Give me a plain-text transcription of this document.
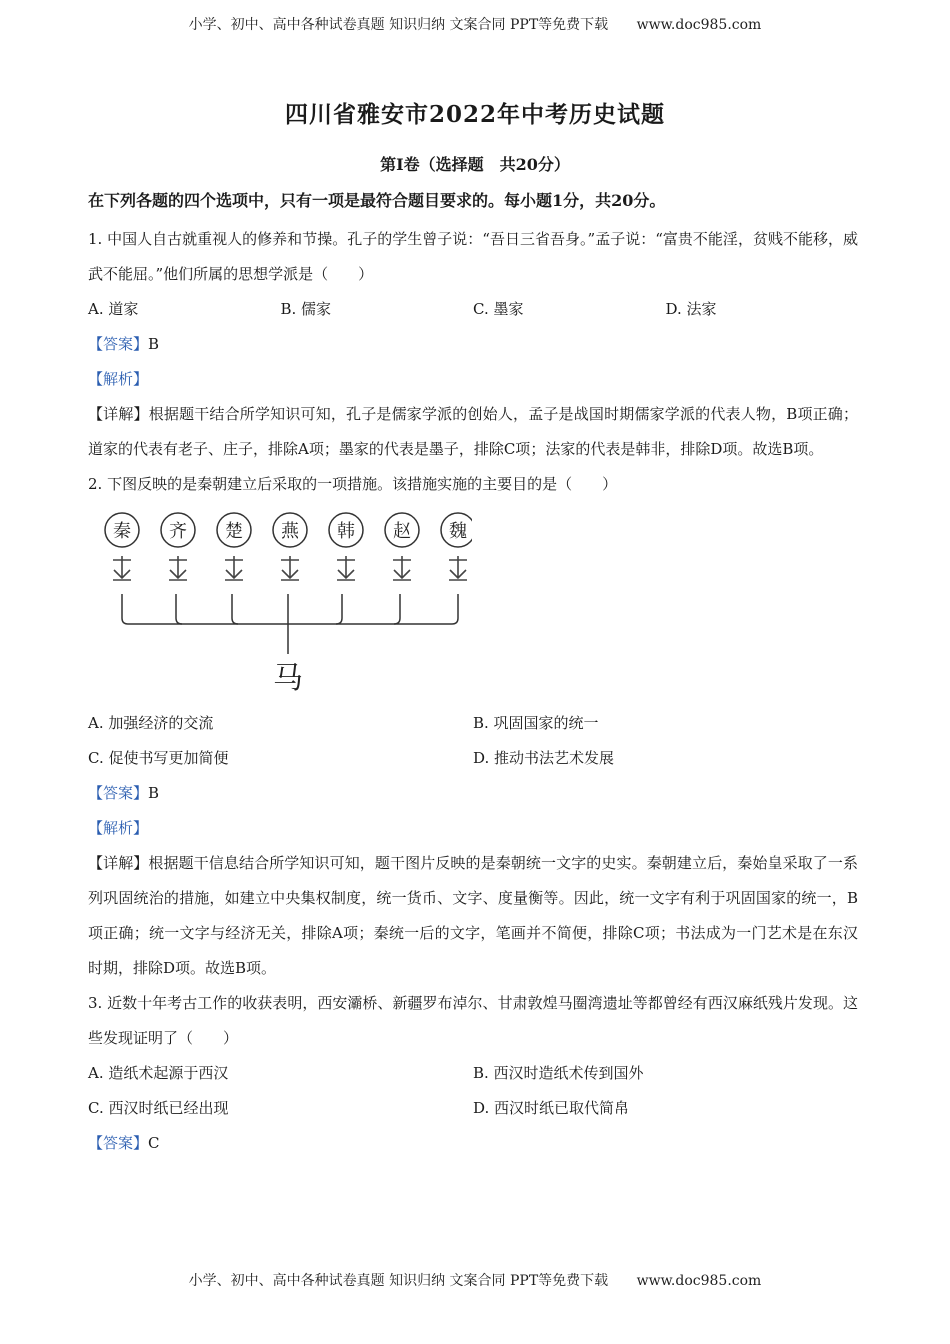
小学、初中、高中各种试卷真题 知识归纳 文案合同 PPT等免费下载 www.doc985.com
四川省雅安市2022年中考历史试题
第Ⅰ卷（选择题　共20分）
在下列各题的四个选项中，只有一项是最符合题目要求的。每小题1分，共20分。

1. 中国人自古就重视人的修养和节操。孔子的学生曾子说：“吾日三省吾身。”孟子说：“富贵不能淫，贫贱不能移，威武不能屈。”他们所属的思想学派是（　　）

A. 道家	B. 儒家	C. 墨家	D. 法家

【答案】B

【解析】

【详解】根据题干结合所学知识可知，孔子是儒家学派的创始人，孟子是战国时期儒家学派的代表人物，B项正确；道家的代表有老子、庄子，排除A项；墨家的代表是墨子，排除C项；法家的代表是韩非，排除D项。故选B项。

2. 下图反映的是秦朝建立后采取的一项措施。该措施实施的主要目的是（　　）

秦 齐 楚 燕 韩 赵 魏
马
A. 加强经济的交流	B. 巩固国家的统一
C. 促使书写更加简便	D. 推动书法艺术发展

【答案】B

【解析】

【详解】根据题干信息结合所学知识可知，题干图片反映的是秦朝统一文字的史实。秦朝建立后，秦始皇采取了一系列巩固统治的措施，如建立中央集权制度，统一货币、文字、度量衡等。因此，统一文字有利于巩固国家的统一，B项正确；统一文字与经济无关，排除A项；秦统一后的文字，笔画并不简便，排除C项；书法成为一门艺术是在东汉时期，排除D项。故选B项。

3. 近数十年考古工作的收获表明，西安灞桥、新疆罗布淖尔、甘肃敦煌马圈湾遗址等都曾经有西汉麻纸残片发现。这些发现证明了（　　）

A. 造纸术起源于西汉	B. 西汉时造纸术传到国外
C. 西汉时纸已经出现	D. 西汉时纸已取代简帛

【答案】C

小学、初中、高中各种试卷真题 知识归纳 文案合同 PPT等免费下载 www.doc985.com
